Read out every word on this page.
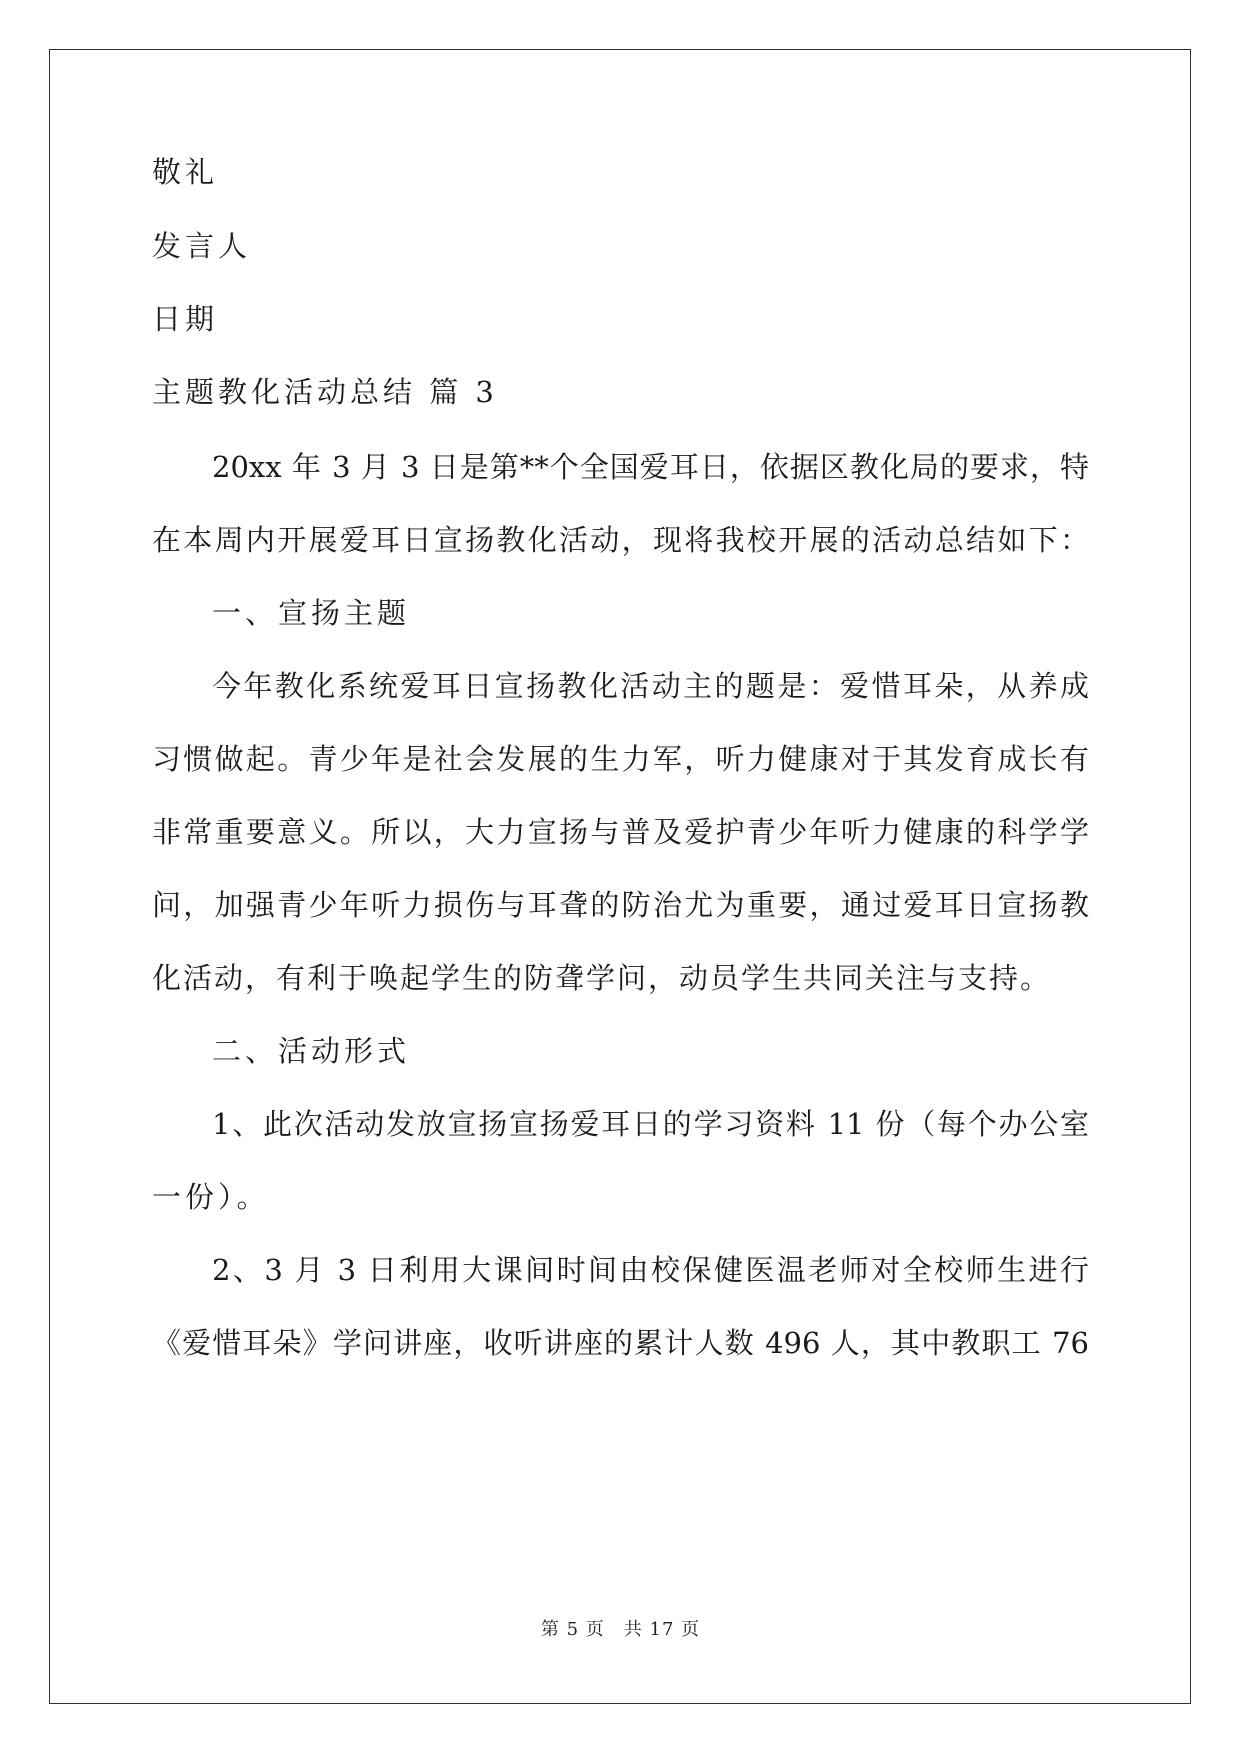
敬礼
发言人
日期
主题教化活动总结 篇 3
20xx 年 3 月 3 日是第**个全国爱耳日，依据区教化局的要求，特
在本周内开展爱耳日宣扬教化活动，现将我校开展的活动总结如下：
一、宣扬主题
今年教化系统爱耳日宣扬教化活动主的题是：爱惜耳朵，从养成
习惯做起。青少年是社会发展的生力军，听力健康对于其发育成长有
非常重要意义。所以，大力宣扬与普及爱护青少年听力健康的科学学
问，加强青少年听力损伤与耳聋的防治尤为重要，通过爱耳日宣扬教
化活动，有利于唤起学生的防聋学问，动员学生共同关注与支持。
二、活动形式
1、此次活动发放宣扬宣扬爱耳日的学习资料 11 份（每个办公室
一份）。
2、3 月 3 日利用大课间时间由校保健医温老师对全校师生进行
《爱惜耳朵》学问讲座，收听讲座的累计人数 496 人，其中教职工 76
第 5 页　共 17 页
